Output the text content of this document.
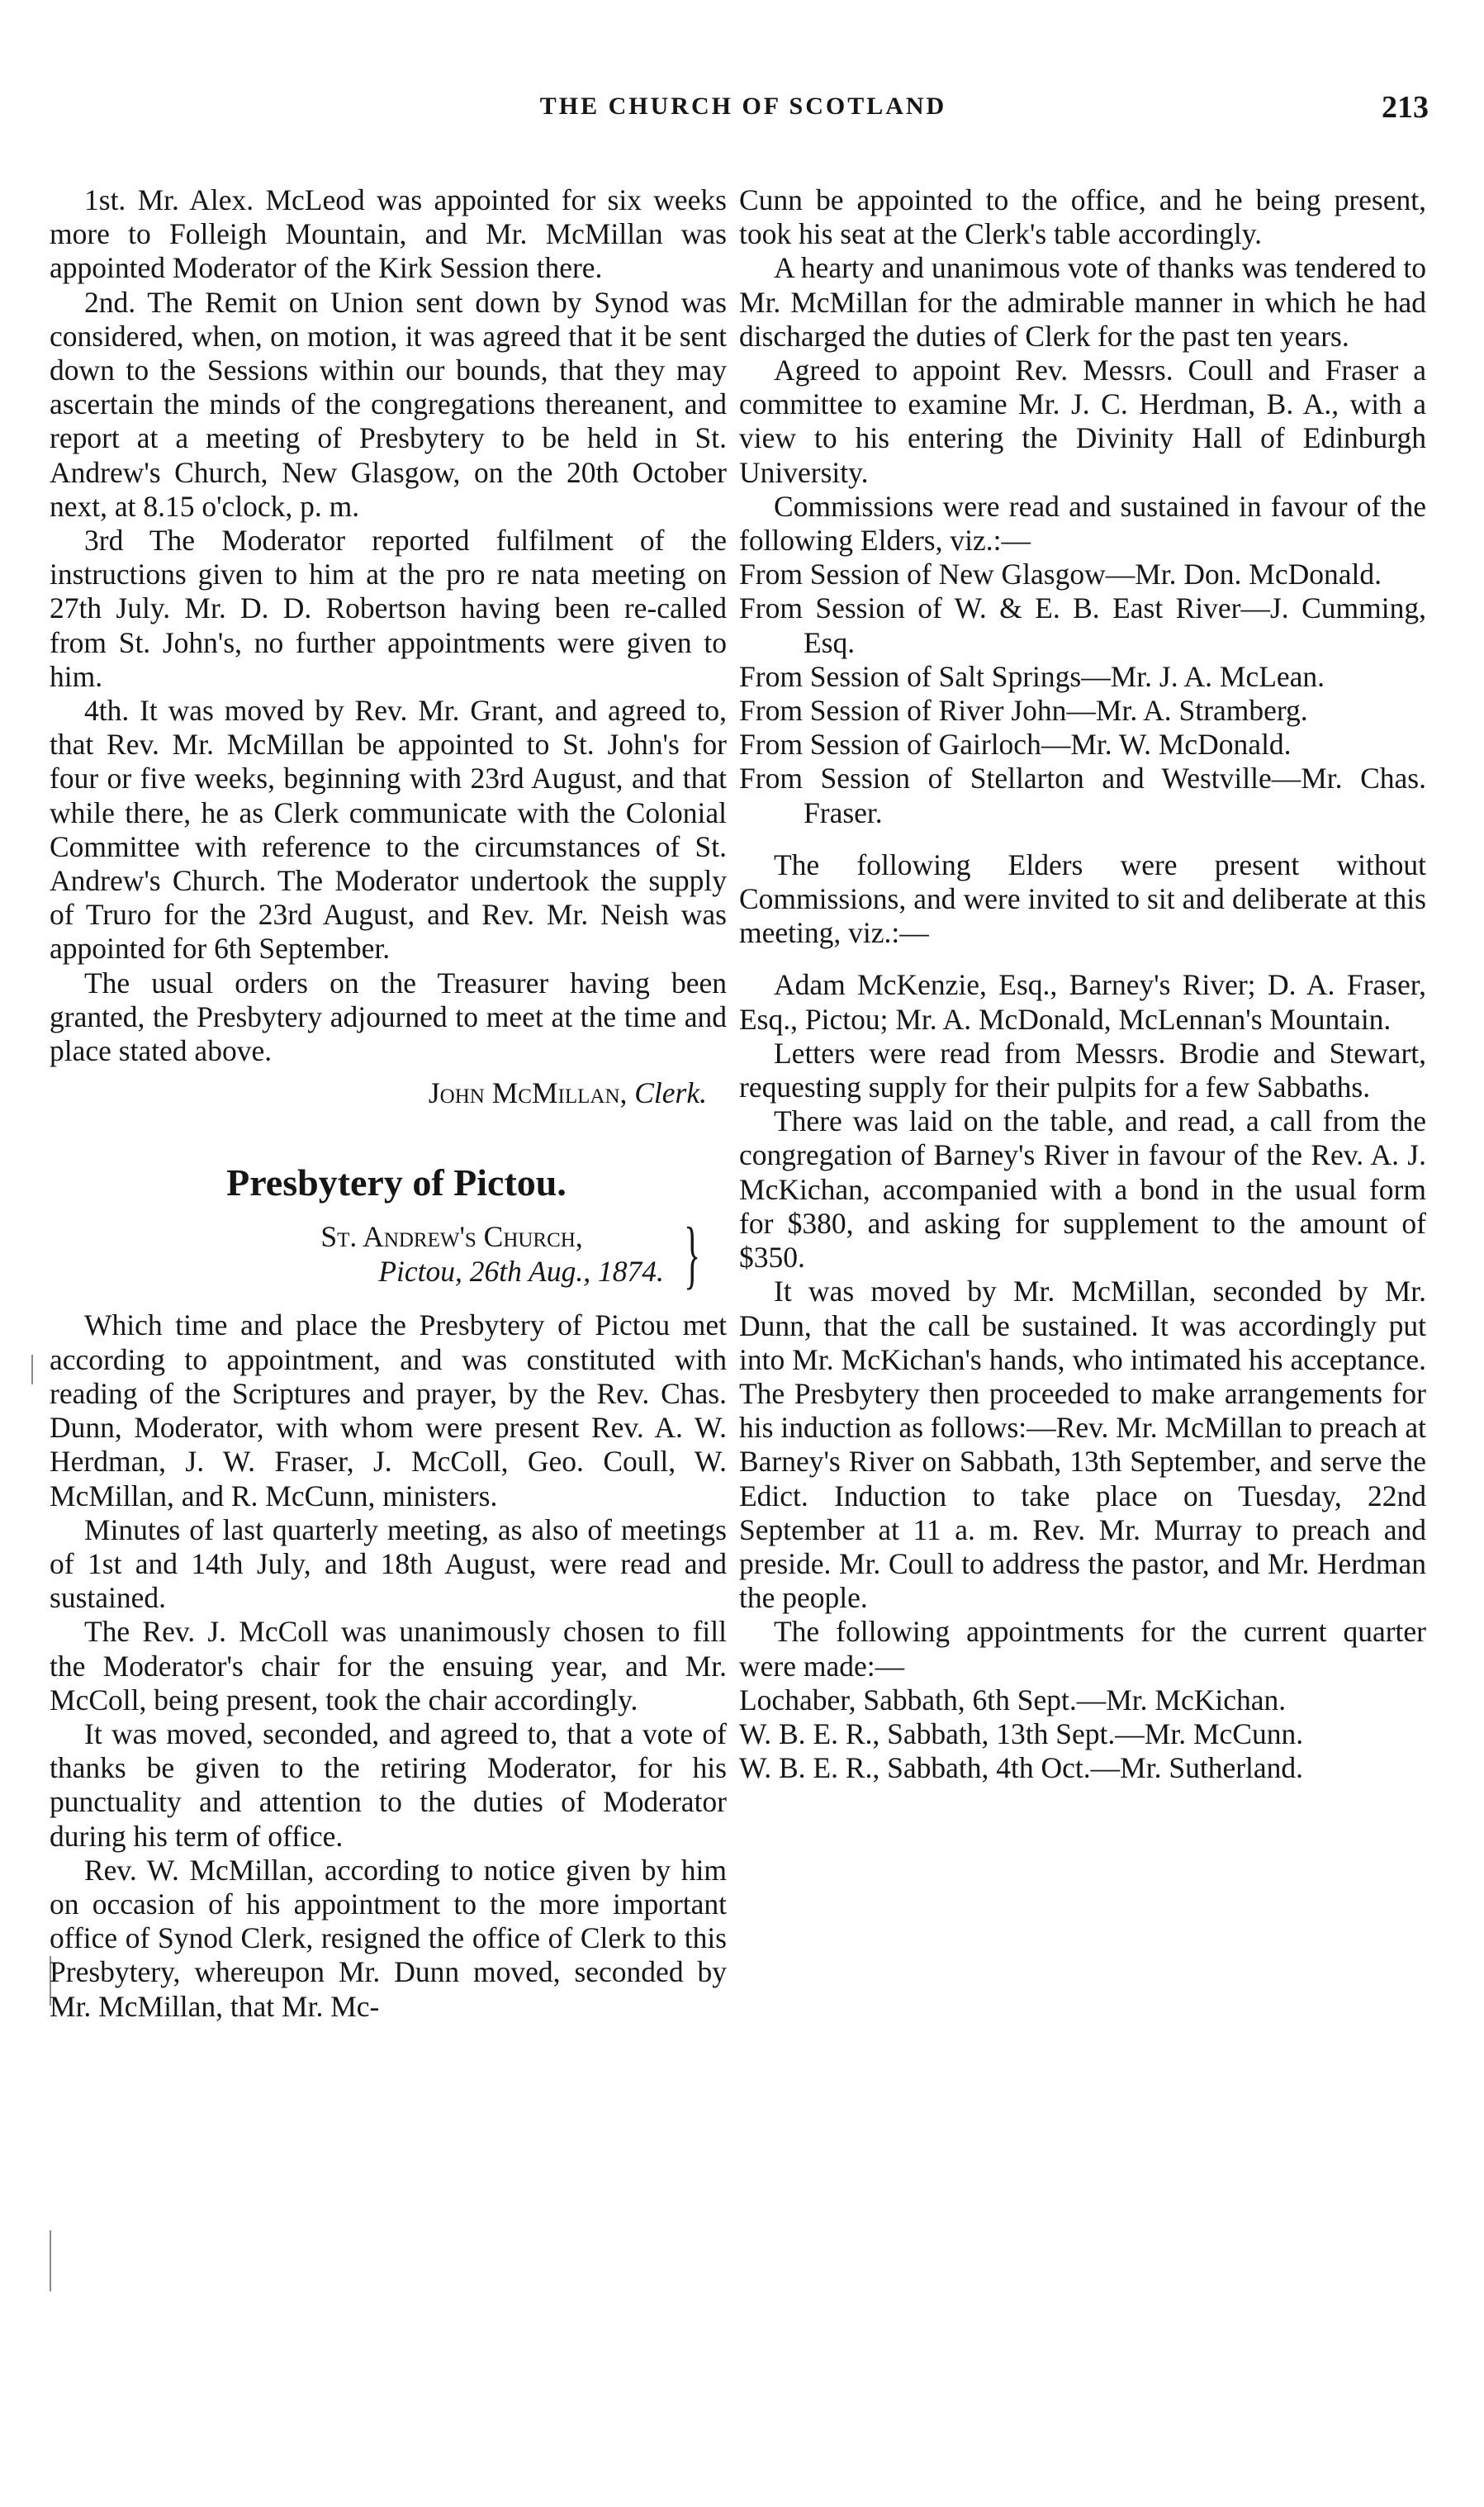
THE CHURCH OF SCOTLAND	213

1st. Mr. Alex. McLeod was appointed for six weeks more to Folleigh Mountain, and Mr. McMillan was appointed Moderator of the Kirk Session there.

2nd. The Remit on Union sent down by Synod was considered, when, on motion, it was agreed that it be sent down to the Sessions within our bounds, that they may ascertain the minds of the congregations thereanent, and report at a meeting of Presbytery to be held in St. Andrew's Church, New Glasgow, on the 20th October next, at 8.15 o'clock, p. m.

3rd The Moderator reported fulfilment of the instructions given to him at the pro re nata meeting on 27th July. Mr. D. D. Robertson having been re-called from St. John's, no further appointments were given to him.

4th. It was moved by Rev. Mr. Grant, and agreed to, that Rev. Mr. McMillan be appointed to St. John's for four or five weeks, beginning with 23rd August, and that while there, he as Clerk communicate with the Colonial Committee with reference to the circumstances of St. Andrew's Church. The Moderator undertook the supply of Truro for the 23rd August, and Rev. Mr. Neish was appointed for 6th September.

The usual orders on the Treasurer having been granted, the Presbytery adjourned to meet at the time and place stated above.

John McMillan, Clerk.
Presbytery of Pictou.
St. Andrew's Church,
Pictou, 26th Aug., 1874. }

Which time and place the Presbytery of Pictou met according to appointment, and was constituted with reading of the Scriptures and prayer, by the Rev. Chas. Dunn, Moderator, with whom were present Rev. A. W. Herdman, J. W. Fraser, J. McColl, Geo. Coull, W. McMillan, and R. McCunn, ministers.

Minutes of last quarterly meeting, as also of meetings of 1st and 14th July, and 18th August, were read and sustained.

The Rev. J. McColl was unanimously chosen to fill the Moderator's chair for the ensuing year, and Mr. McColl, being present, took the chair accordingly.

It was moved, seconded, and agreed to, that a vote of thanks be given to the retiring Moderator, for his punctuality and attention to the duties of Moderator during his term of office.

Rev. W. McMillan, according to notice given by him on occasion of his appointment to the more important office of Synod Clerk, resigned the office of Clerk to this Presbytery, whereupon Mr. Dunn moved, seconded by Mr. McMillan, that Mr. Mc-

Cunn be appointed to the office, and he being present, took his seat at the Clerk's table accordingly.

A hearty and unanimous vote of thanks was tendered to Mr. McMillan for the admirable manner in which he had discharged the duties of Clerk for the past ten years.

Agreed to appoint Rev. Messrs. Coull and Fraser a committee to examine Mr. J. C. Herdman, B. A., with a view to his entering the Divinity Hall of Edinburgh University.

Commissions were read and sustained in favour of the following Elders, viz.:—

From Session of New Glasgow—Mr. Don. McDonald.

From Session of W. & E. B. East River—J. Cumming, Esq.

From Session of Salt Springs—Mr. J. A. McLean.

From Session of River John—Mr. A. Stramberg.

From Session of Gairloch—Mr. W. McDonald.

From Session of Stellarton and Westville—Mr. Chas. Fraser.

The following Elders were present without Commissions, and were invited to sit and deliberate at this meeting, viz.:—

Adam McKenzie, Esq., Barney's River; D. A. Fraser, Esq., Pictou; Mr. A. McDonald, McLennan's Mountain.

Letters were read from Messrs. Brodie and Stewart, requesting supply for their pulpits for a few Sabbaths.

There was laid on the table, and read, a call from the congregation of Barney's River in favour of the Rev. A. J. McKichan, accompanied with a bond in the usual form for $380, and asking for supplement to the amount of $350.

It was moved by Mr. McMillan, seconded by Mr. Dunn, that the call be sustained. It was accordingly put into Mr. McKichan's hands, who intimated his acceptance. The Presbytery then proceeded to make arrangements for his induction as follows:—Rev. Mr. McMillan to preach at Barney's River on Sabbath, 13th September, and serve the Edict. Induction to take place on Tuesday, 22nd September at 11 a. m. Rev. Mr. Murray to preach and preside. Mr. Coull to address the pastor, and Mr. Herdman the people.

The following appointments for the current quarter were made:—

Lochaber, Sabbath, 6th Sept.—Mr. McKichan.

W. B. E. R., Sabbath, 13th Sept.—Mr. McCunn.

W. B. E. R., Sabbath, 4th Oct.—Mr. Sutherland.
